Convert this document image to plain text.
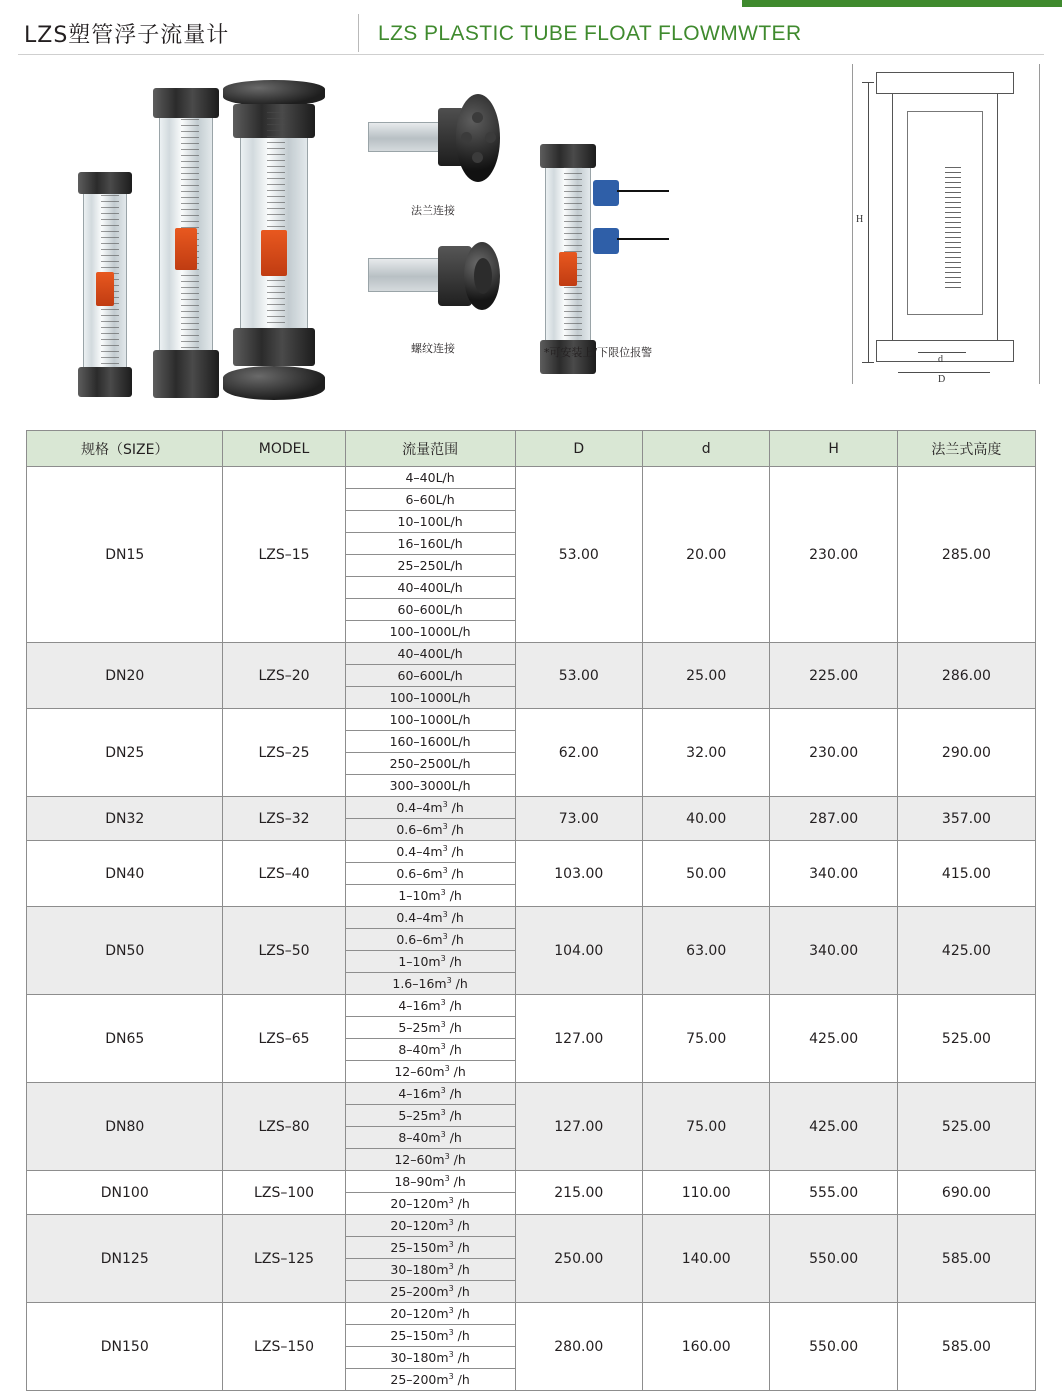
LZS塑管浮子流量计	LZS PLASTIC TUBE FLOAT FLOWMWTER
法兰连接
螺纹连接	*可安装上/下限位报警
H
d
D
规格（SIZE）	MODEL	流量范围	D	d	H	法兰式高度
DN15	LZS–15	4–40L/h	53.00	20.00	230.00	285.00
		6–60L/h				
		10–100L/h				
		16–160L/h				
		25–250L/h				
		40–400L/h				
		60–600L/h				
		100–1000L/h				
DN20	LZS–20	40–400L/h	53.00	25.00	225.00	286.00
		60–600L/h				
		100–1000L/h				
DN25	LZS–25	100–1000L/h	62.00	32.00	230.00	290.00
		160–1600L/h				
		250–2500L/h				
		300–3000L/h				
DN32	LZS–32	$0.4-4m^3$ /h	73.00	40.00	287.00	357.00
		$0.6-6m^3$ /h				
DN40	LZS–40	$0.4-4m^3$ /h	103.00	50.00	340.00	415.00
		$0.6-6m^3$ /h				
		$1-10m^3$ /h				
DN50	LZS–50	$0.4-4m^3$ /h	104.00	63.00	340.00	425.00
		$0.6-6m^3$ /h				
		$1-10m^3$ /h				
		$1.6-16m^3$ /h				
DN65	LZS–65	$4-16m^3$ /h	127.00	75.00	425.00	525.00
		$5-25m^3$ /h				
		$8-40m^3$ /h				
		$12-60m^3$ /h				
DN80	LZS–80	$4-16m^3$ /h	127.00	75.00	425.00	525.00
		$5-25m^3$ /h				
		$8-40m^3$ /h				
		$12-60m^3$ /h				
DN100	LZS–100	$18-90m^3$ /h	215.00	110.00	555.00	690.00
		$20-120m^3$ /h				
DN125	LZS–125	$20-120m^3$ /h	250.00	140.00	550.00	585.00
		$25-150m^3$ /h				
		$30-180m^3$ /h				
		$25-200m^3$ /h				
DN150	LZS–150	$20-120m^3$ /h	280.00	160.00	550.00	585.00
		$25-150m^3$ /h				
		$30-180m^3$ /h				
		$25-200m^3$ /h				
